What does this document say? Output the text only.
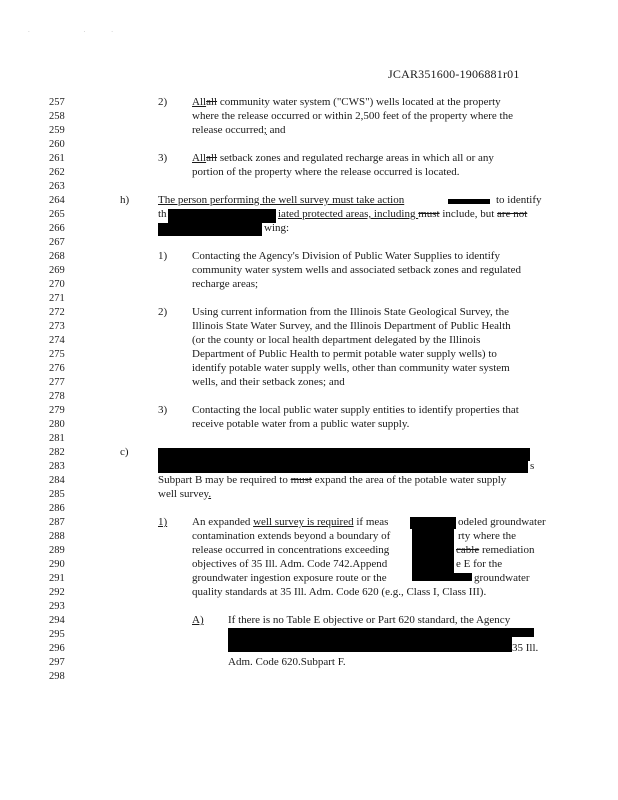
. ..
JCAR351600-1906881r01
257
258
259
260
261
262
263
264
265
266
267
268
269
270
271
272
273
274
275
276
277
278
279
280
281
282
283
284
285
286
287
288
289
290
291
292
293
294
295
296
297
298
2) Allall community water system ("CWS") wells located at the property
where the release occurred or within 2,500 feet of the property where the
release occurred; and
3) Allall setback zones and regulated recharge areas in which all or any
portion of the property where the release occurred is located.
h)	The person performing the well survey must take action	to identify
th	iated protected areas, including must include, but are not
wing:
1) Contacting the Agency's Division of Public Water Supplies to identify
community water system wells and associated setback zones and regulated
recharge areas;
2) Using current information from the Illinois State Geological Survey, the
Illinois State Water Survey, and the Illinois Department of Public Health
(or the county or local health department delegated by the Illinois
Department of Public Health to permit potable water supply wells) to
identify potable water supply wells, other than community water system
wells, and their setback zones; and
3) Contacting the local public water supply entities to identify properties that
receive potable water from a public water supply.
c)
s
Subpart B may be required to must expand the area of the potable water supply
well survey.
1) An expanded well survey is required if meas	odeled groundwater
contamination extends beyond a boundary of	rty where the
release occurred in concentrations exceeding	cable remediation
objectives of 35 Ill. Adm. Code 742.Append	e E for the
groundwater ingestion exposure route or the	groundwater
quality standards at 35 Ill. Adm. Code 620 (e.g., Class I, Class III).
A) If there is no Table E objective or Part 620 standard, the Agency
35 Ill.
Adm. Code 620.Subpart F.
